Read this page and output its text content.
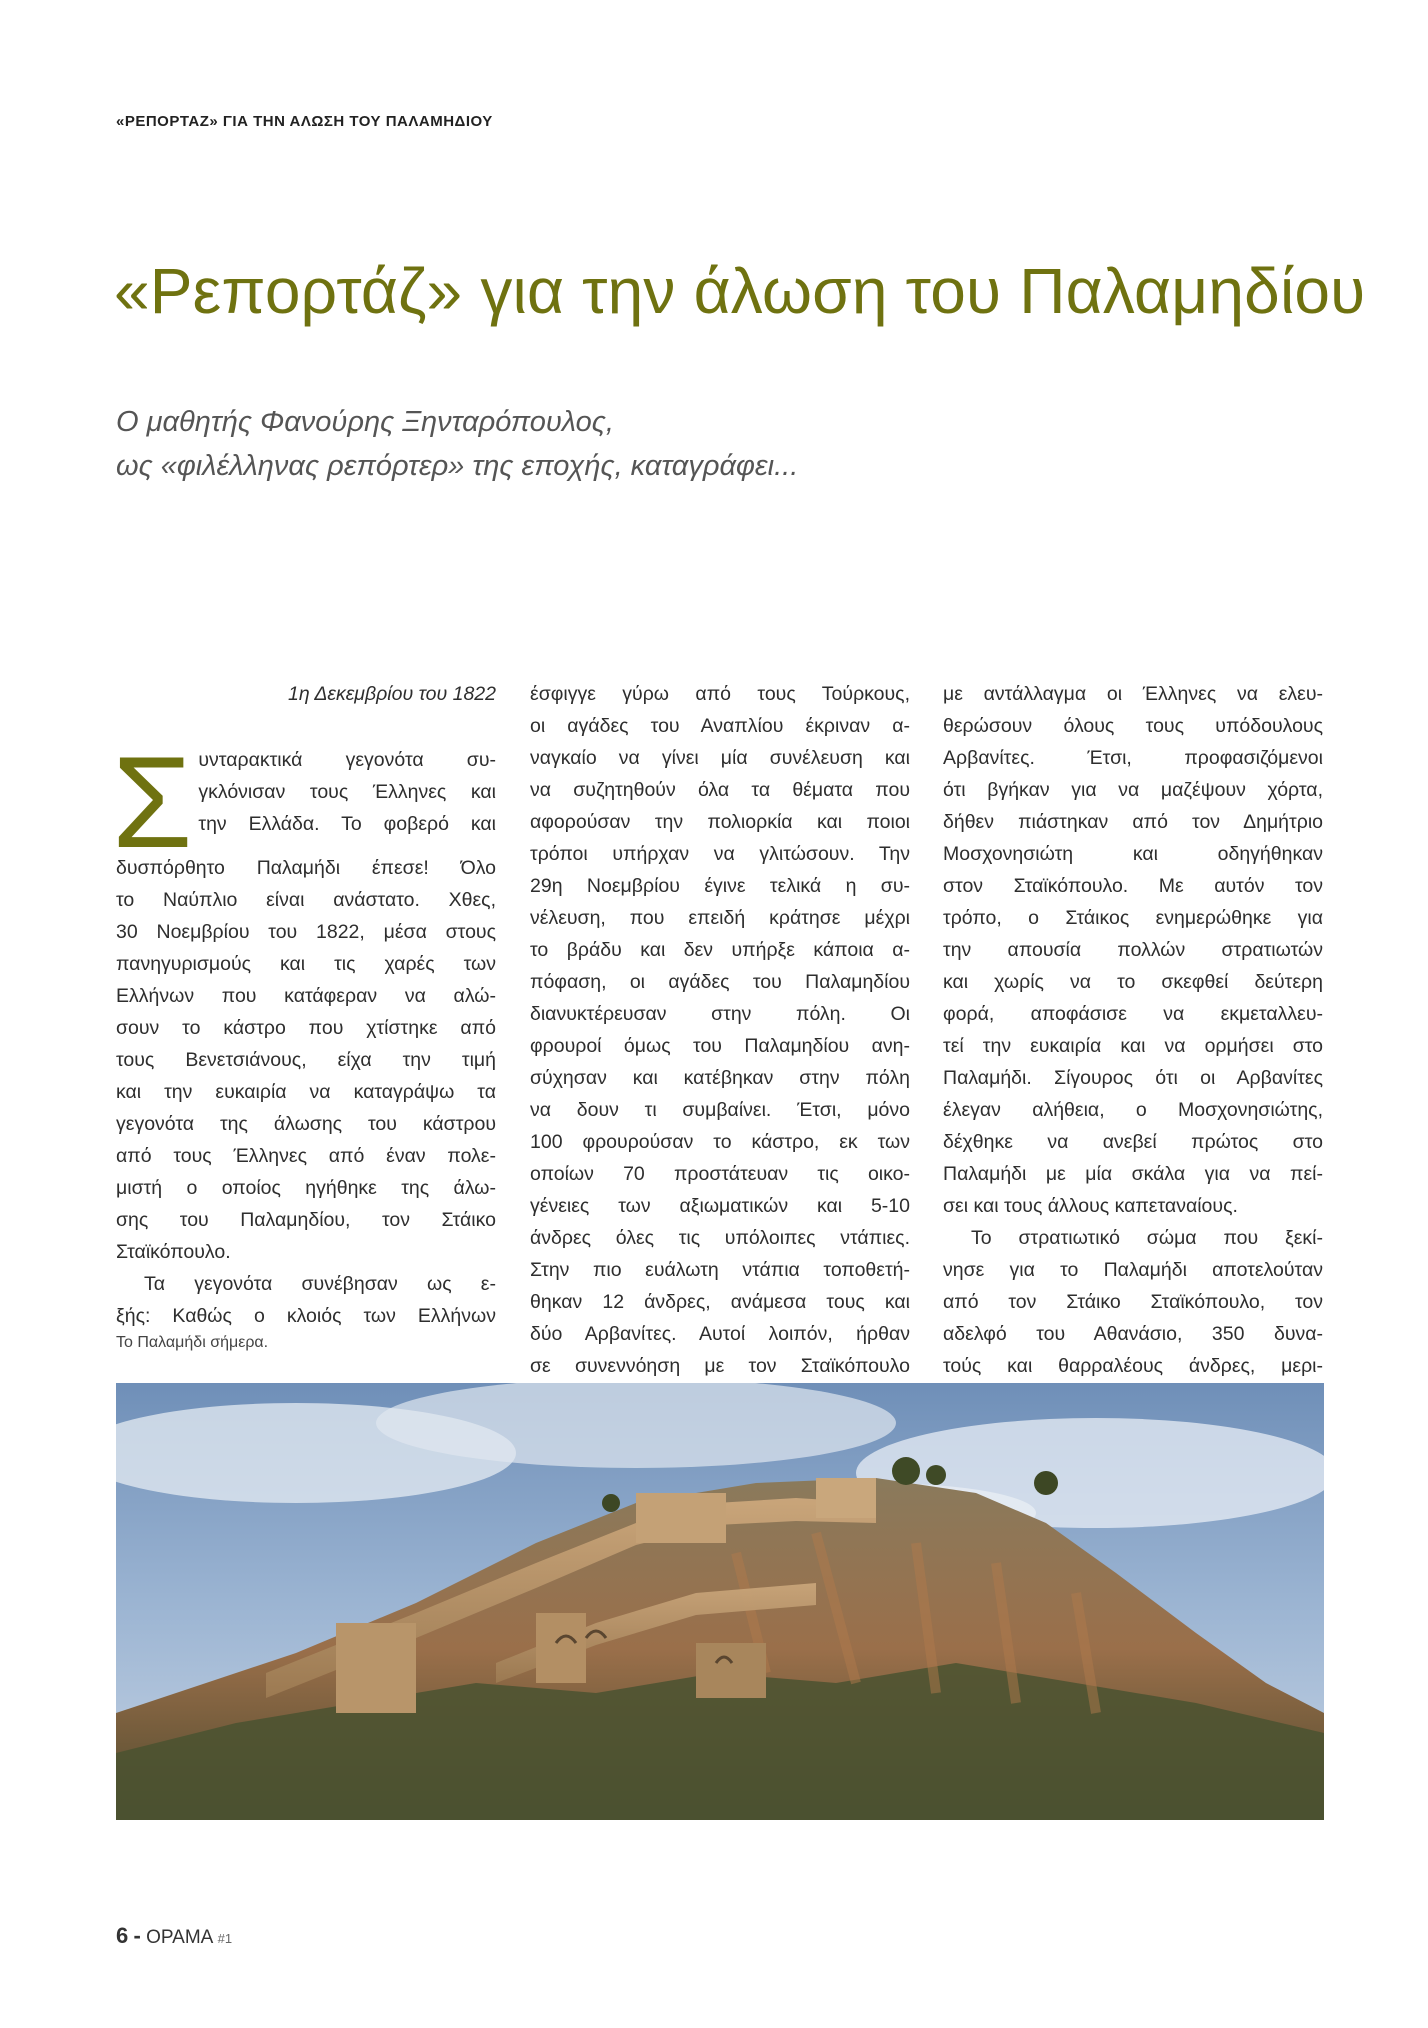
«ΡΕΠΟΡΤΑΖ» ΓΙΑ ΤΗΝ ΑΛΩΣΗ ΤΟΥ ΠΑΛΑΜΗΔΙΟΥ
«Ρεπορτάζ» για την άλωση του Παλαμηδίου

Ο μαθητής Φανούρης Ξηνταρόπουλος,
ως «φιλέλληνας ρεπόρτερ» της εποχής, καταγράφει...

1η Δεκεμβρίου του 1822
Σ υνταρακτικά γεγονότα συ-
γκλόνισαν τους Έλληνες και
την Ελλάδα. Το φοβερό και
δυσπόρθητο Παλαμήδι έπεσε! Όλο
το Ναύπλιο είναι ανάστατο. Χθες,
30 Νοεμβρίου του 1822, μέσα στους
πανηγυρισμούς και τις χαρές των
Ελλήνων που κατάφεραν να αλώ-
σουν το κάστρο που χτίστηκε από
τους Βενετσιάνους, είχα την τιμή
και την ευκαιρία να καταγράψω τα
γεγονότα της άλωσης του κάστρου
από τους Έλληνες από έναν πολε-
μιστή ο οποίος ηγήθηκε της άλω-
σης του Παλαμηδίου, τον Στάικο
Σταϊκόπουλο.
Τα γεγονότα συνέβησαν ως ε-
ξής: Καθώς ο κλοιός των Ελλήνων
Το Παλαμήδι σήμερα.
έσφιγγε γύρω από τους Τούρκους,
οι αγάδες του Αναπλίου έκριναν α-
ναγκαίο να γίνει μία συνέλευση και
να συζητηθούν όλα τα θέματα που
αφορούσαν την πολιορκία και ποιοι
τρόποι υπήρχαν να γλιτώσουν. Την
29η Νοεμβρίου έγινε τελικά η συ-
νέλευση, που επειδή κράτησε μέχρι
το βράδυ και δεν υπήρξε κάποια α-
πόφαση, οι αγάδες του Παλαμηδίου
διανυκτέρευσαν στην πόλη. Οι
φρουροί όμως του Παλαμηδίου ανη-
σύχησαν και κατέβηκαν στην πόλη
να δουν τι συμβαίνει. Έτσι, μόνο
100 φρουρούσαν το κάστρο, εκ των
οποίων 70 προστάτευαν τις οικο-
γένειες των αξιωματικών και 5-10
άνδρες όλες τις υπόλοιπες ντάπιες.
Στην πιο ευάλωτη ντάπια τοποθετή-
θηκαν 12 άνδρες, ανάμεσα τους και
δύο Αρβανίτες. Αυτοί λοιπόν, ήρθαν
σε συνεννόηση με τον Σταϊκόπουλο
με αντάλλαγμα οι Έλληνες να ελευ-
θερώσουν όλους τους υπόδουλους
Αρβανίτες. Έτσι, προφασιζόμενοι
ότι βγήκαν για να μαζέψουν χόρτα,
δήθεν πιάστηκαν από τον Δημήτριο
Μοσχονησιώτη και οδηγήθηκαν
στον Σταϊκόπουλο. Με αυτόν τον
τρόπο, ο Στάικος ενημερώθηκε για
την απουσία πολλών στρατιωτών
και χωρίς να το σκεφθεί δεύτερη
φορά, αποφάσισε να εκμεταλλευ-
τεί την ευκαιρία και να ορμήσει στο
Παλαμήδι. Σίγουρος ότι οι Αρβανίτες
έλεγαν αλήθεια, ο Μοσχονησιώτης,
δέχθηκε να ανεβεί πρώτος στο
Παλαμήδι με μία σκάλα για να πεί-
σει και τους άλλους καπεταναίους.
Το στρατιωτικό σώμα που ξεκί-
νησε για το Παλαμήδι αποτελούταν
από τον Στάικο Σταϊκόπουλο, τον
αδελφό του Αθανάσιο, 350 δυνα-
τούς και θαρραλέους άνδρες, μερι-
6 - ΟΡΑΜΑ #1
